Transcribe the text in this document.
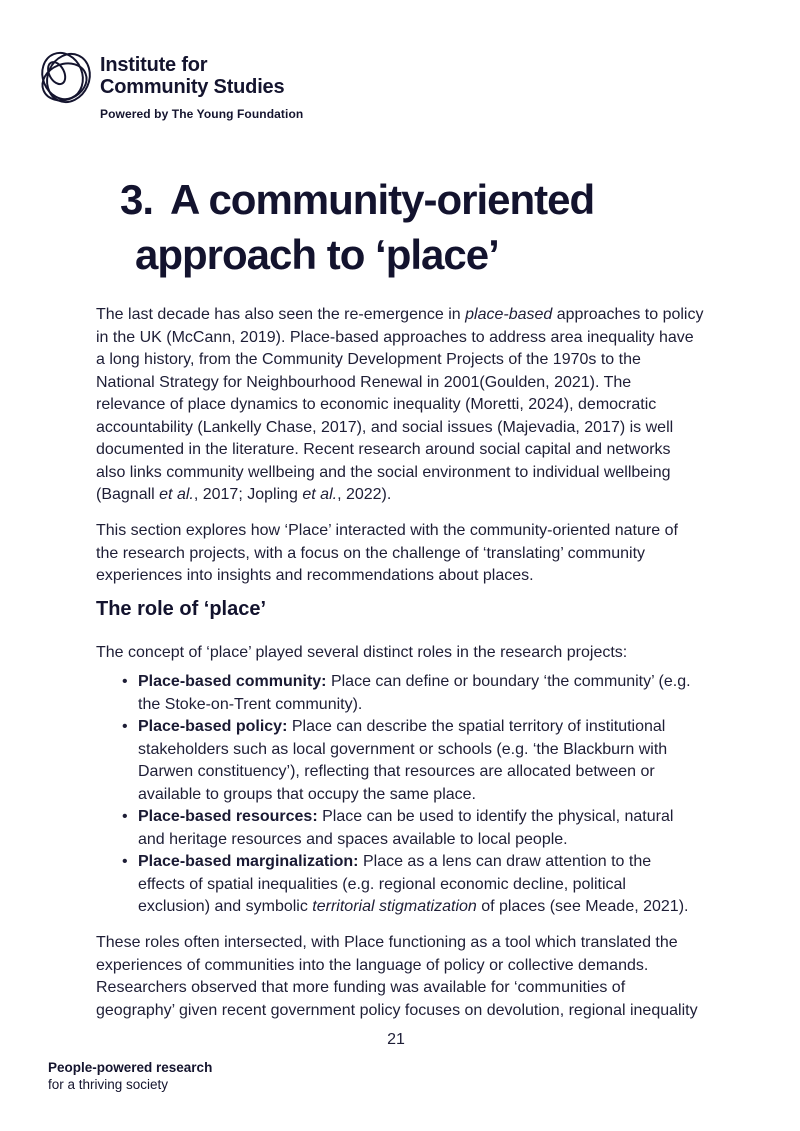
Institute for
Community Studies
Powered by The Young Foundation
3. A community-oriented
approach to ‘place’
The last decade has also seen the re-emergence in place-based approaches to policy
in the UK (McCann, 2019). Place-based approaches to address area inequality have
a long history, from the Community Development Projects of the 1970s to the
National Strategy for Neighbourhood Renewal in 2001(Goulden, 2021). The
relevance of place dynamics to economic inequality (Moretti, 2024), democratic
accountability (Lankelly Chase, 2017), and social issues (Majevadia, 2017) is well
documented in the literature. Recent research around social capital and networks
also links community wellbeing and the social environment to individual wellbeing
(Bagnall et al., 2017; Jopling et al., 2022).
This section explores how ‘Place’ interacted with the community-oriented nature of
the research projects, with a focus on the challenge of ‘translating’ community
experiences into insights and recommendations about places.
The role of ‘place’
The concept of ‘place’ played several distinct roles in the research projects:
• Place-based community: Place can define or boundary ‘the community’ (e.g.
the Stoke-on-Trent community).
• Place-based policy: Place can describe the spatial territory of institutional
stakeholders such as local government or schools (e.g. ‘the Blackburn with
Darwen constituency’), reflecting that resources are allocated between or
available to groups that occupy the same place.
• Place-based resources: Place can be used to identify the physical, natural
and heritage resources and spaces available to local people.
• Place-based marginalization: Place as a lens can draw attention to the
effects of spatial inequalities (e.g. regional economic decline, political
exclusion) and symbolic territorial stigmatization of places (see Meade, 2021).
These roles often intersected, with Place functioning as a tool which translated the
experiences of communities into the language of policy or collective demands.
Researchers observed that more funding was available for ‘communities of
geography’ given recent government policy focuses on devolution, regional inequality
21
People-powered research
for a thriving society
